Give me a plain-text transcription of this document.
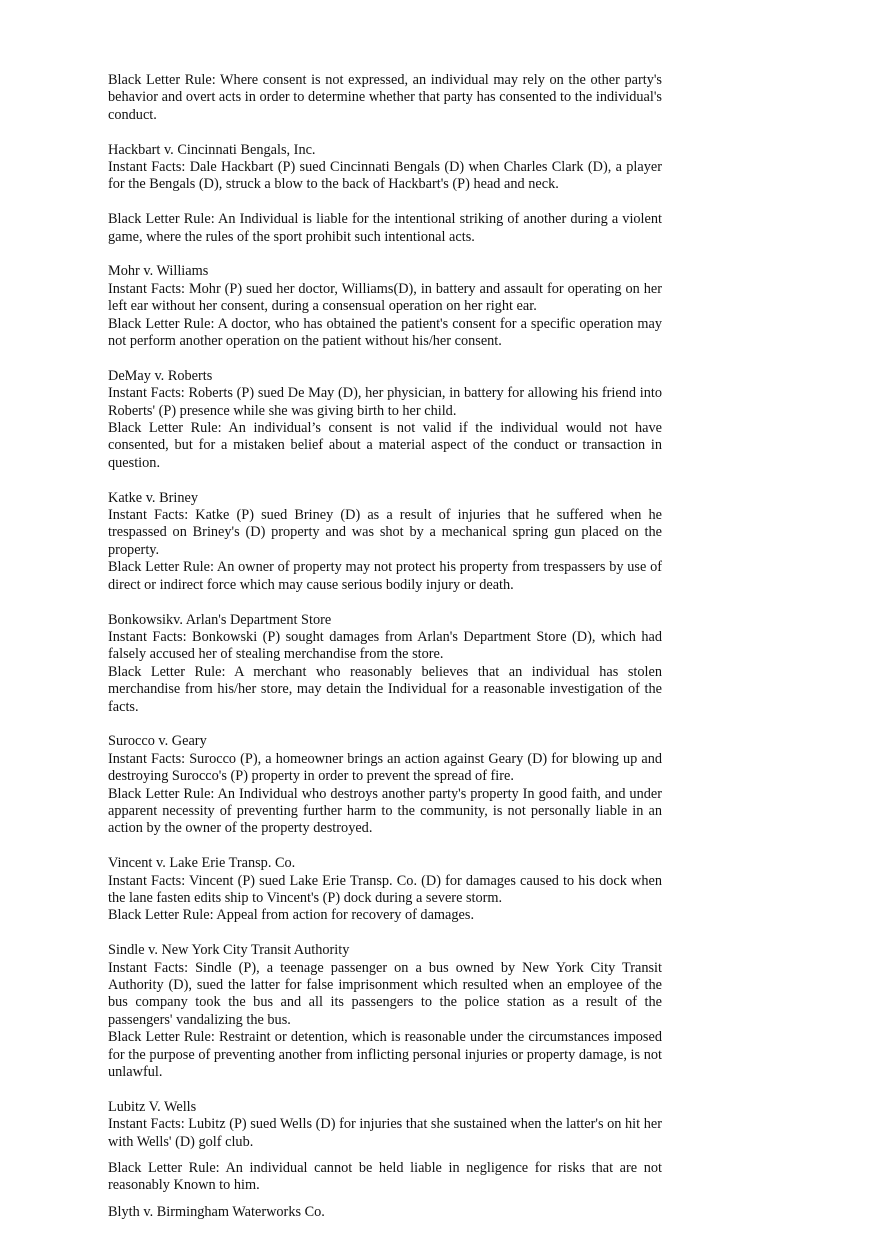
Black Letter Rule: Where consent is not expressed, an individual may rely on the other party's behavior and overt acts in order to determine whether that party has consented to the individual's conduct.

Hackbart v. Cincinnati Bengals, Inc.

Instant Facts: Dale Hackbart (P) sued Cincinnati Bengals (D) when Charles Clark (D), a player for the Bengals (D), struck a blow to the back of Hackbart's (P) head and neck.

Black Letter Rule: An Individual is liable for the intentional striking of another during a violent game, where the rules of the sport prohibit such intentional acts.

Mohr v. Williams

Instant Facts: Mohr (P) sued her doctor, Williams(D), in battery and assault for operating on her left ear without her consent, during a consensual operation on her right ear.

Black Letter Rule: A doctor, who has obtained the patient's consent for a specific operation may not perform another operation on the patient without his/her consent.

DeMay v. Roberts

Instant Facts: Roberts (P) sued De May (D), her physician, in battery for allowing his friend into Roberts' (P) presence while she was giving birth to her child.

Black Letter Rule: An individual’s consent is not valid if the individual would not have consented, but for a mistaken belief about a material aspect of the conduct or transaction in question.

Katke v. Briney

Instant Facts: Katke (P) sued Briney (D) as a result of injuries that he suffered when he trespassed on Briney's (D) property and was shot by a mechanical spring gun placed on the property.

Black Letter Rule: An owner of property may not protect his property from trespassers by use of direct or indirect force which may cause serious bodily injury or death.

Bonkowsikv. Arlan's Department Store

Instant Facts: Bonkowski (P) sought damages from Arlan's Department Store (D), which had falsely accused her of stealing merchandise from the store.

Black Letter Rule: A merchant who reasonably believes that an individual has stolen merchandise from his/her store, may detain the Individual for a reasonable investigation of the facts.

Surocco v. Geary

Instant Facts: Surocco (P), a homeowner brings an action against Geary (D) for blowing up and destroying Surocco's (P) property in order to prevent the spread of fire.

Black Letter Rule: An Individual who destroys another party's property In good faith, and under apparent necessity of preventing further harm to the community, is not personally liable in an action by the owner of the property destroyed.

Vincent v. Lake Erie Transp. Co.

Instant Facts: Vincent (P) sued Lake Erie Transp. Co. (D) for damages caused to his dock when the lane fasten edits ship to Vincent's (P) dock during a severe storm.

Black Letter Rule: Appeal from action for recovery of damages.

Sindle v. New York City Transit Authority

Instant Facts: Sindle (P), a teenage passenger on a bus owned by New York City Transit Authority (D), sued the latter for false imprisonment which resulted when an employee of the bus company took the bus and all its passengers to the police station as a result of the passengers' vandalizing the bus.

Black Letter Rule: Restraint or detention, which is reasonable under the circumstances imposed for the purpose of preventing another from inflicting personal injuries or property damage, is not unlawful.

Lubitz V. Wells

Instant Facts: Lubitz (P) sued Wells (D) for injuries that she sustained when the latter's on hit her with Wells' (D) golf club.

Black Letter Rule: An individual cannot be held liable in negligence for risks that are not reasonably Known to him.

Blyth v. Birmingham Waterworks Co.
